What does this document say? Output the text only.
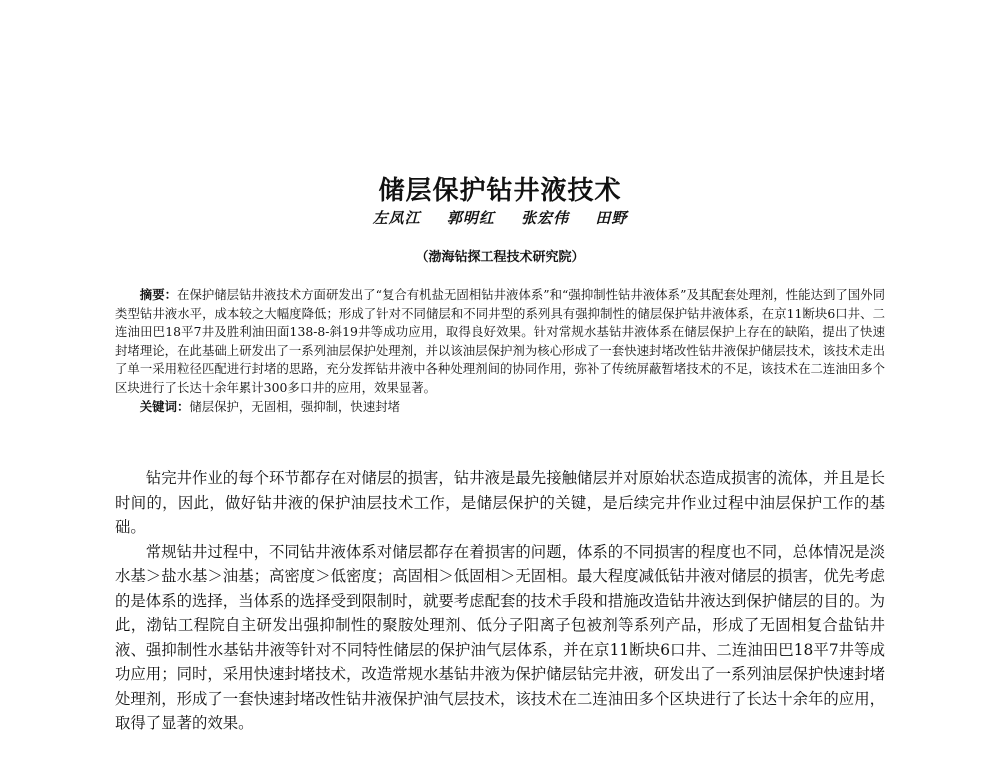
储层保护钻井液技术
左凤江 郭明红 张宏伟 田野
（渤海钻探工程技术研究院）

摘要：在保护储层钻井液技术方面研发出了“复合有机盐无固相钻井液体系”和“强抑制性钻井液体系”及其配套处理剂，性能达到了国外同类型钻井液水平，成本较之大幅度降低；形成了针对不同储层和不同井型的系列具有强抑制性的储层保护钻井液体系，在京11断块6口井、二连油田巴18平7井及胜利油田面138-8-斜19井等成功应用，取得良好效果。针对常规水基钻井液体系在储层保护上存在的缺陷，提出了快速封堵理论，在此基础上研发出了一系列油层保护处理剂，并以该油层保护剂为核心形成了一套快速封堵改性钻井液保护储层技术，该技术走出了单一采用粒径匹配进行封堵的思路，充分发挥钻井液中各种处理剂间的协同作用，弥补了传统屏蔽暂堵技术的不足，该技术在二连油田多个区块进行了长达十余年累计300多口井的应用，效果显著。

关键词：储层保护，无固相，强抑制，快速封堵

钻完井作业的每个环节都存在对储层的损害，钻井液是最先接触储层并对原始状态造成损害的流体，并且是长时间的，因此，做好钻井液的保护油层技术工作，是储层保护的关键，是后续完井作业过程中油层保护工作的基础。

常规钻井过程中，不同钻井液体系对储层都存在着损害的问题，体系的不同损害的程度也不同，总体情况是淡水基＞盐水基＞油基；高密度＞低密度；高固相＞低固相＞无固相。最大程度减低钻井液对储层的损害，优先考虑的是体系的选择，当体系的选择受到限制时，就要考虑配套的技术手段和措施改造钻井液达到保护储层的目的。为此，渤钻工程院自主研发出强抑制性的聚胺处理剂、低分子阳离子包被剂等系列产品，形成了无固相复合盐钻井液、强抑制性水基钻井液等针对不同特性储层的保护油气层体系，并在京11断块6口井、二连油田巴18平7井等成功应用；同时，采用快速封堵技术，改造常规水基钻井液为保护储层钻完井液，研发出了一系列油层保护快速封堵处理剂，形成了一套快速封堵改性钻井液保护油气层技术，该技术在二连油田多个区块进行了长达十余年的应用，取得了显著的效果。
